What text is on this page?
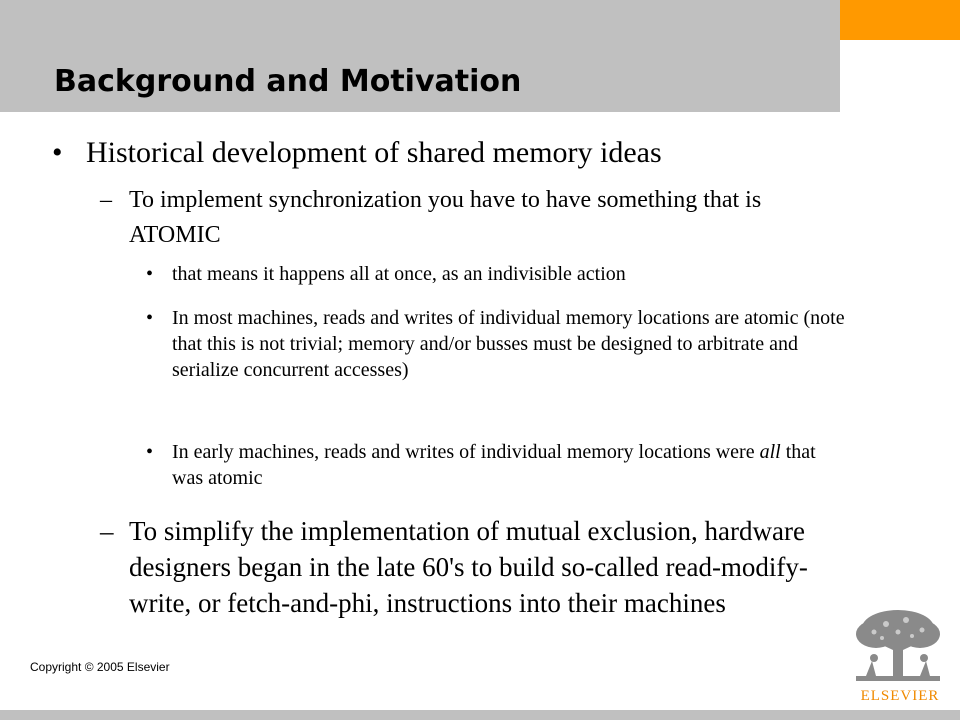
Background and Motivation
• Historical development of shared memory ideas
– To implement synchronization you have to have something that is ATOMIC
• that means it happens all at once, as an indivisible action
• In most machines, reads and writes of individual memory locations are atomic (note that this is not trivial; memory and/or busses must be designed to arbitrate and serialize concurrent accesses)
• In early machines, reads and writes of individual memory locations were all that was atomic
– To simplify the implementation of mutual exclusion, hardware designers began in the late 60's to build so-called read-modify-write, or fetch-and-phi, instructions into their machines
Copyright © 2005 Elsevier
ELSEVIER
